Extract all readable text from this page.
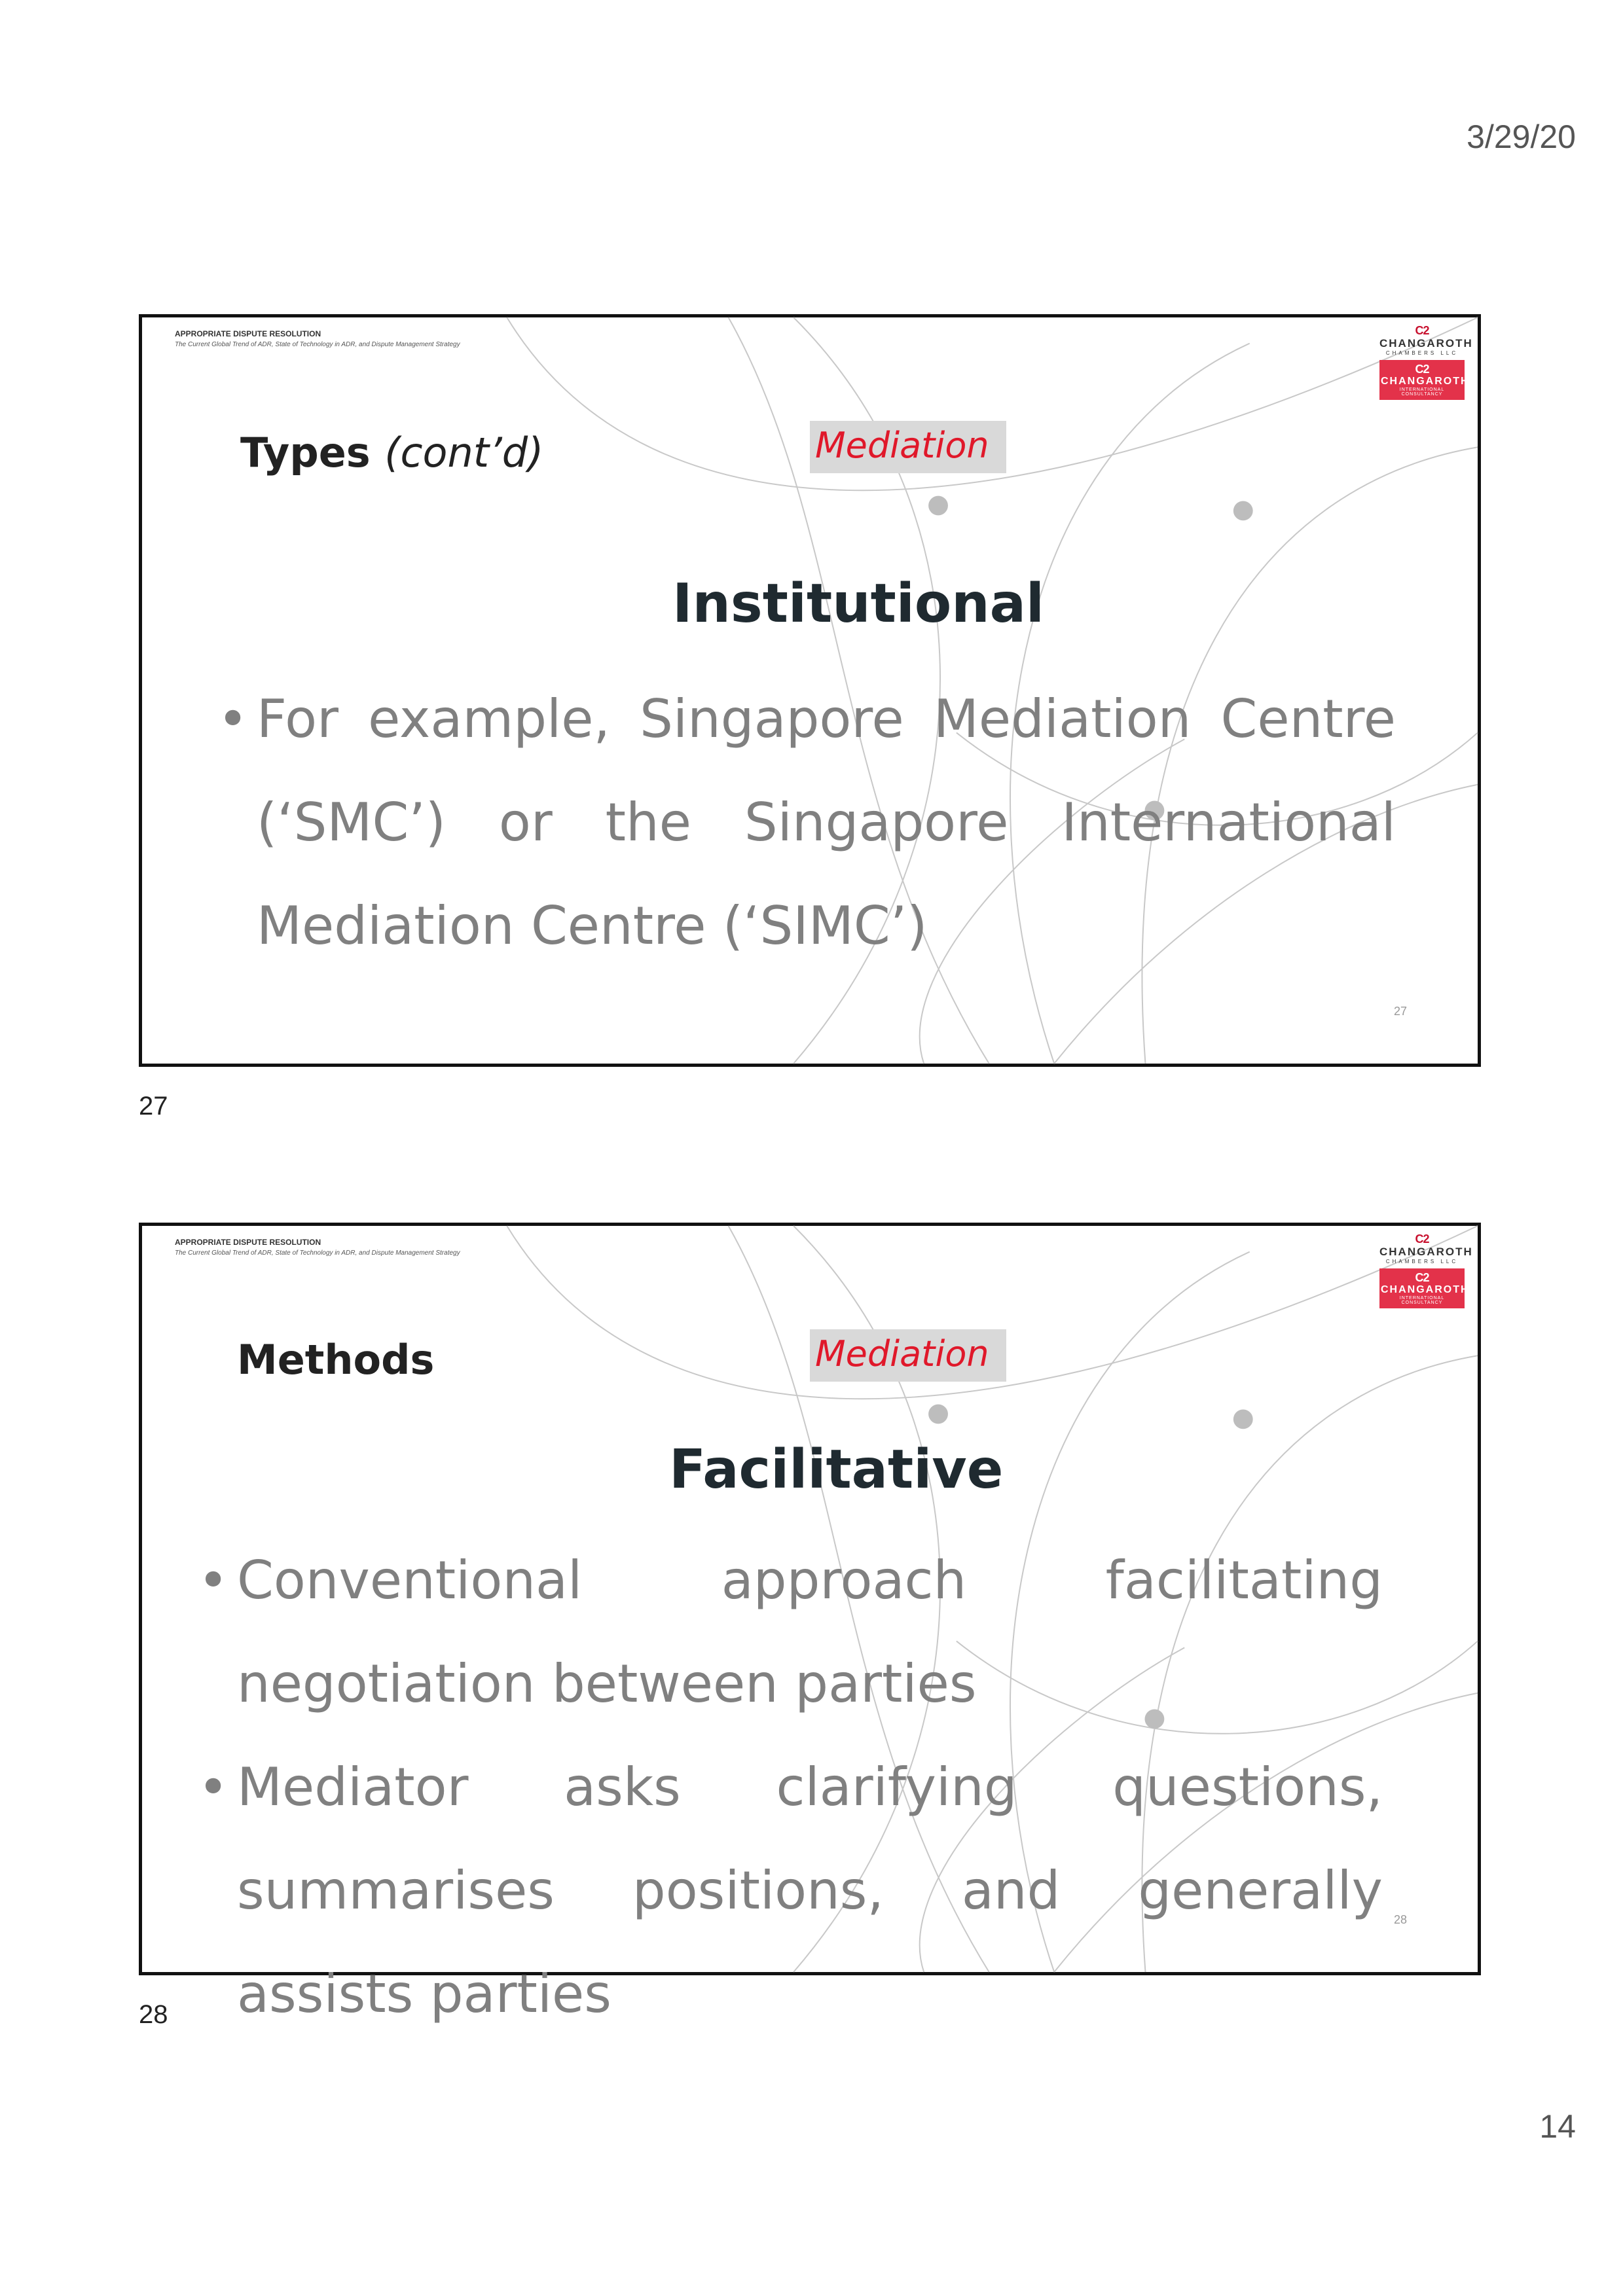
3/29/20
APPROPRIATE DISPUTE RESOLUTION
The Current Global Trend of ADR, State of Technology in ADR, and Dispute Management Strategy
C2
CHANGAROTH
CHAMBERS LLC
C2
CHANGAROTH
INTERNATIONAL CONSULTANCY
Types (cont’d)	Mediation
Institutional
• For example, Singapore Mediation Centre (‘SMC’) or the Singapore International Mediation Centre (‘SIMC’)
27
27
APPROPRIATE DISPUTE RESOLUTION
The Current Global Trend of ADR, State of Technology in ADR, and Dispute Management Strategy
C2
CHANGAROTH
CHAMBERS LLC
C2
CHANGAROTH
INTERNATIONAL CONSULTANCY
Methods	Mediation
Facilitative
• Conventional approach facilitating negotiation between parties
• Mediator asks clarifying questions, summarises positions, and generally assists parties
28
28
14
